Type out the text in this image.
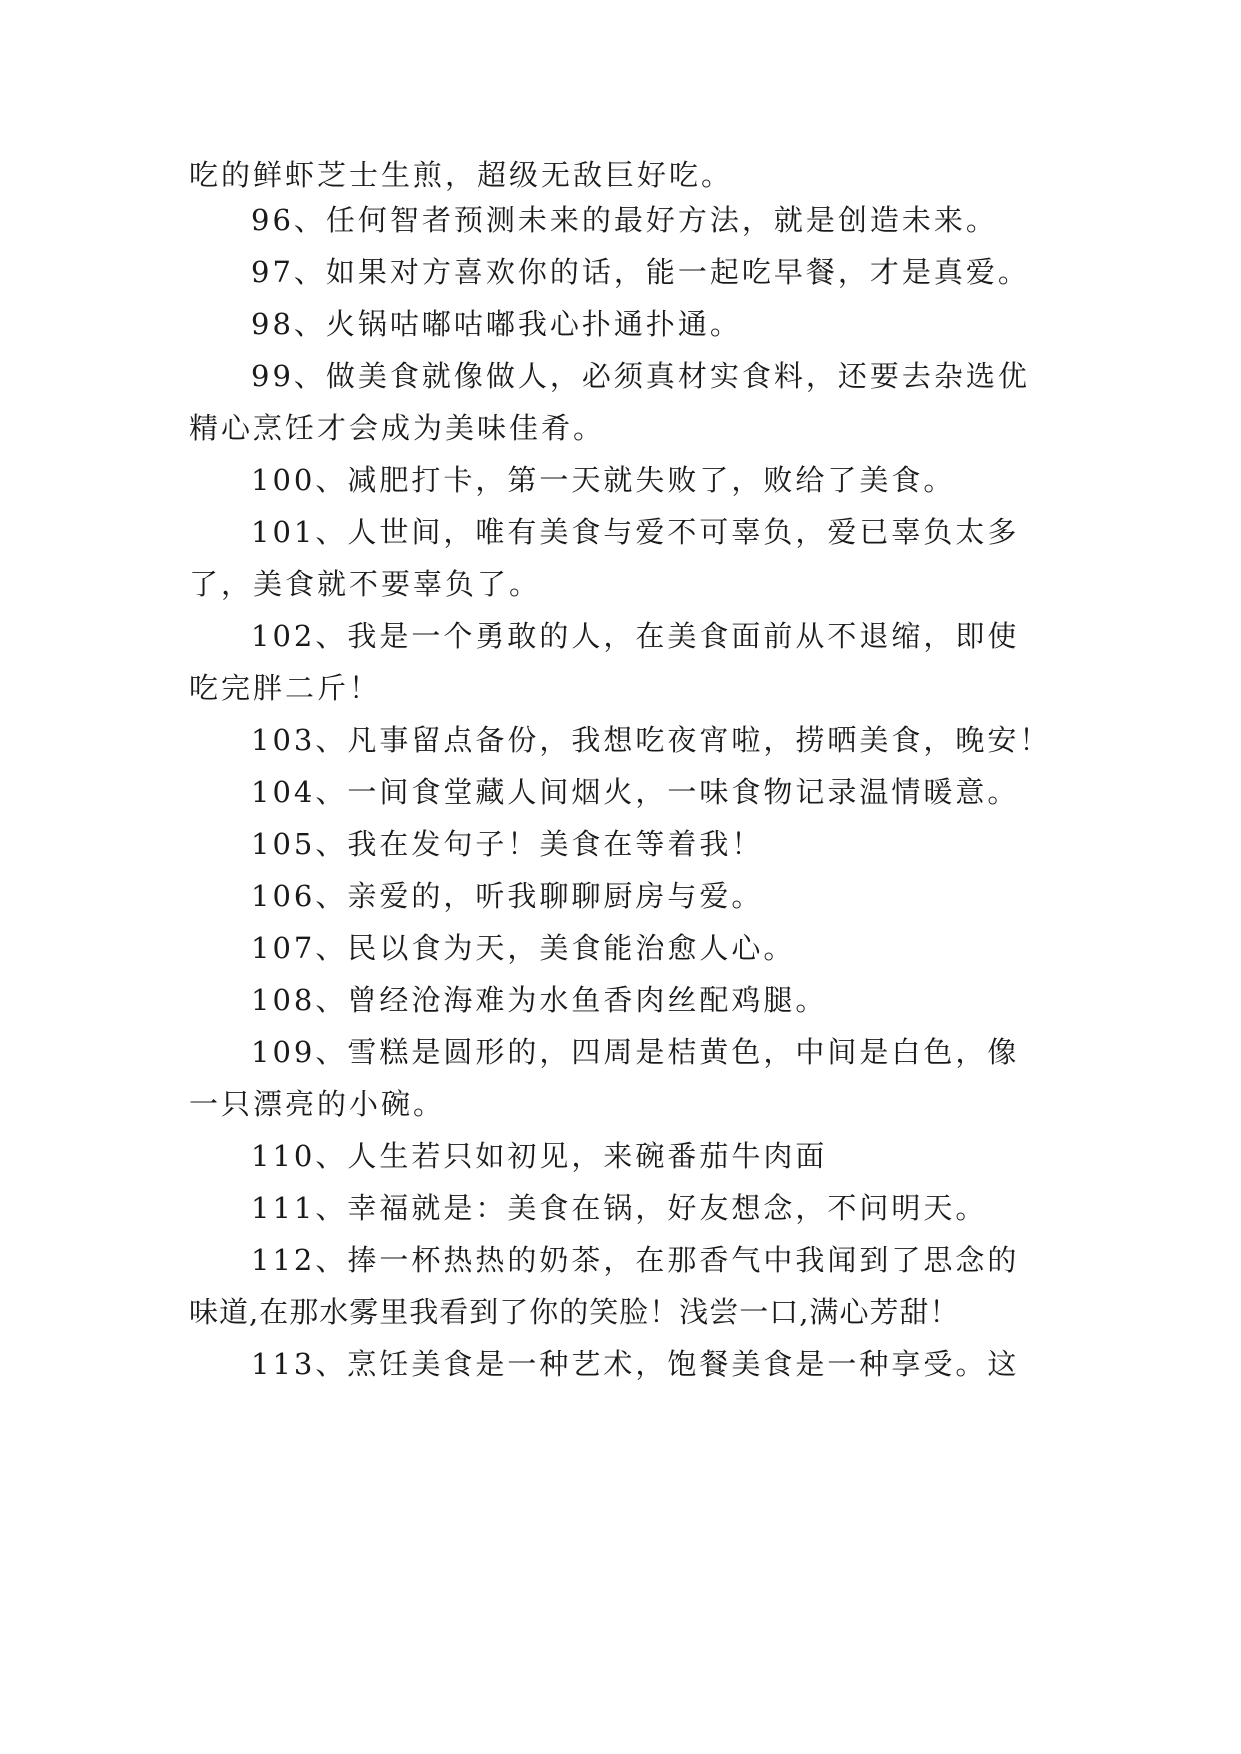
吃的鲜虾芝士生煎，超级无敌巨好吃。
96、任何智者预测未来的最好方法，就是创造未来。
97、如果对方喜欢你的话，能一起吃早餐，才是真爱。
98、火锅咕嘟咕嘟我心扑通扑通。
99、做美食就像做人，必须真材实食料，还要去杂选优
精心烹饪才会成为美味佳肴。
100、减肥打卡，第一天就失败了，败给了美食。
101、人世间，唯有美食与爱不可辜负，爱已辜负太多
了，美食就不要辜负了。
102、我是一个勇敢的人，在美食面前从不退缩，即使
吃完胖二斤！
103、凡事留点备份，我想吃夜宵啦，捞晒美食，晚安！
104、一间食堂藏人间烟火，一味食物记录温情暖意。
105、我在发句子！美食在等着我！
106、亲爱的，听我聊聊厨房与爱。
107、民以食为天，美食能治愈人心。
108、曾经沧海难为水鱼香肉丝配鸡腿。
109、雪糕是圆形的，四周是桔黄色，中间是白色，像
一只漂亮的小碗。
110、人生若只如初见，来碗番茄牛肉面
111、幸福就是：美食在锅，好友想念，不问明天。
112、捧一杯热热的奶茶，在那香气中我闻到了思念的
味道,在那水雾里我看到了你的笑脸！浅尝一口,满心芳甜！
113、烹饪美食是一种艺术，饱餐美食是一种享受。这
